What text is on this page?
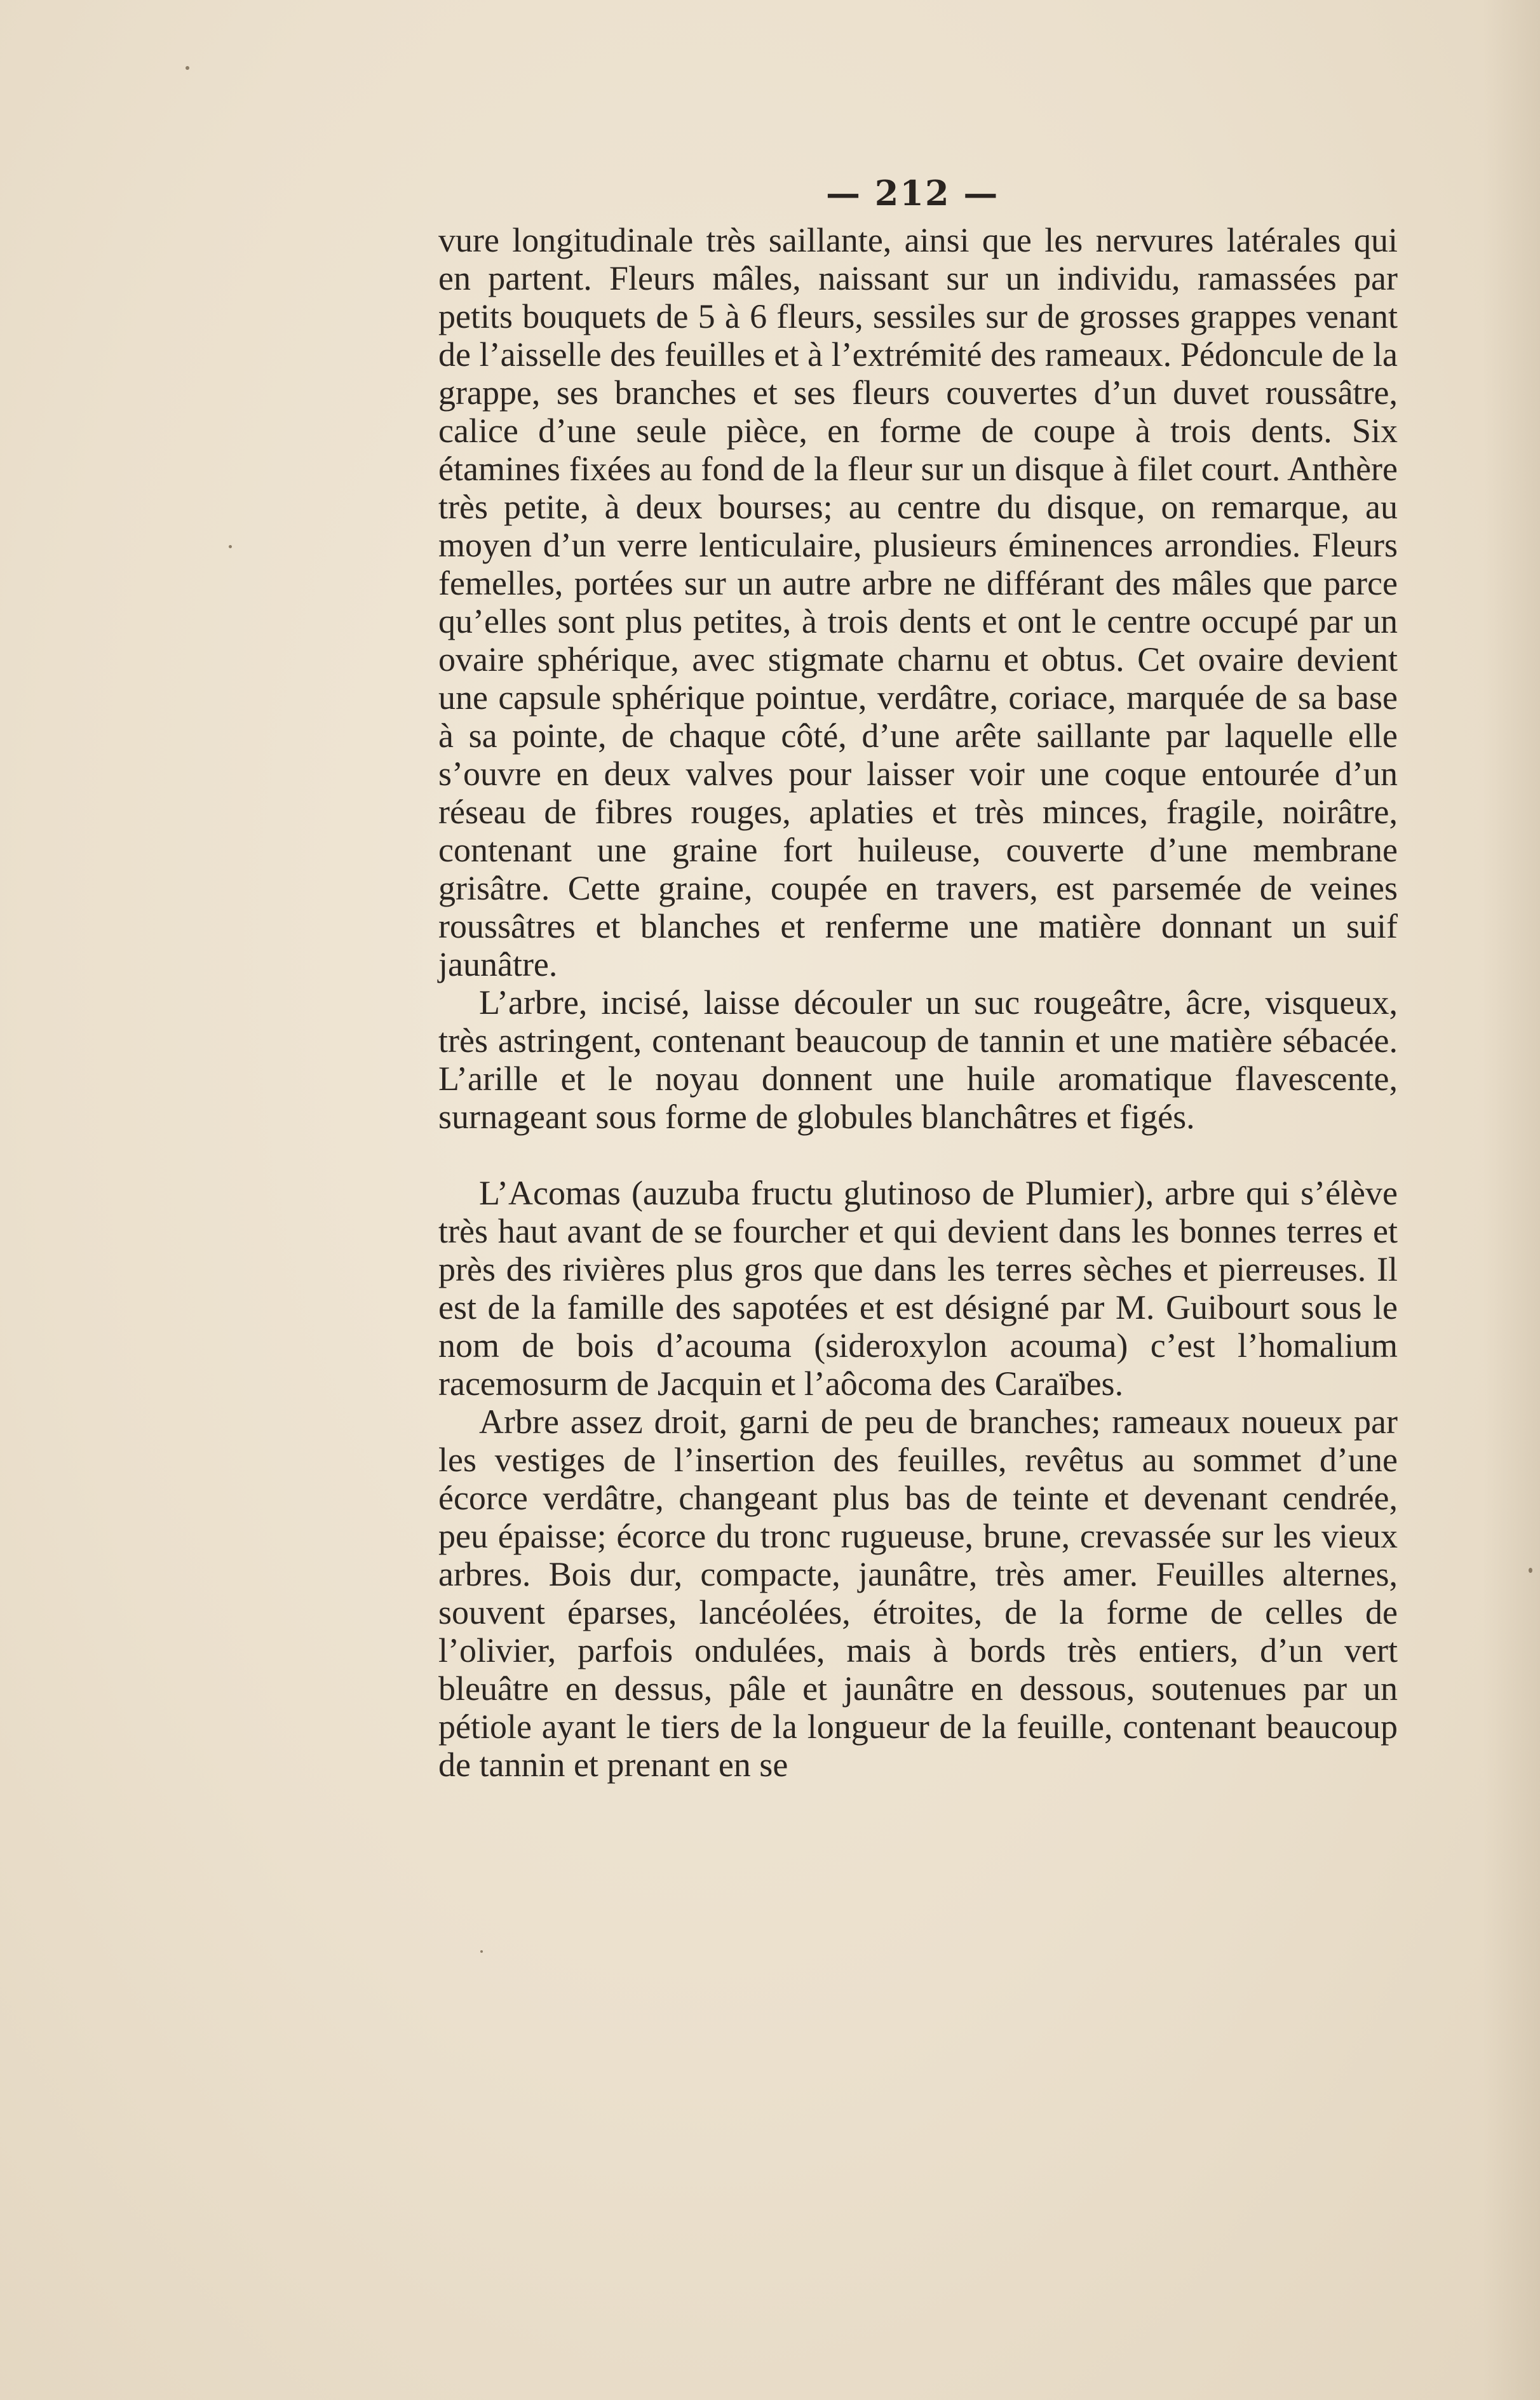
— 212 —

vure longitudinale très saillante, ainsi que les nervures latérales qui en partent. Fleurs mâles, naissant sur un individu, ramassées par petits bouquets de 5 à 6 fleurs, sessiles sur de grosses grappes venant de l’aisselle des feuilles et à l’extrémité des rameaux. Pédoncule de la grappe, ses branches et ses fleurs couvertes d’un duvet roussâtre, calice d’une seule pièce, en forme de coupe à trois dents. Six étamines fixées au fond de la fleur sur un disque à filet court. Anthère très petite, à deux bourses; au centre du disque, on remarque, au moyen d’un verre lenticulaire, plusieurs éminences arrondies. Fleurs femelles, portées sur un autre arbre ne différant des mâles que parce qu’elles sont plus petites, à trois dents et ont le centre occupé par un ovaire sphérique, avec stigmate charnu et obtus. Cet ovaire devient une capsule sphérique pointue, verdâtre, coriace, marquée de sa base à sa pointe, de chaque côté, d’une arête saillante par laquelle elle s’ouvre en deux valves pour laisser voir une coque entourée d’un réseau de fibres rouges, aplaties et très minces, fragile, noirâtre, contenant une graine fort huileuse, couverte d’une membrane grisâtre. Cette graine, coupée en travers, est parsemée de veines roussâtres et blanches et renferme une matière donnant un suif jaunâtre.

L’arbre, incisé, laisse découler un suc rougeâtre, âcre, visqueux, très astringent, contenant beaucoup de tannin et une matière sébacée. L’arille et le noyau donnent une huile aromatique flavescente, surnageant sous forme de globules blanchâtres et figés.

L’Acomas (auzuba fructu glutinoso de Plumier), arbre qui s’élève très haut avant de se fourcher et qui devient dans les bonnes terres et près des rivières plus gros que dans les terres sèches et pierreuses. Il est de la famille des sapotées et est désigné par M. Guibourt sous le nom de bois d’acouma (sideroxylon acouma) c’est l’homalium racemosurm de Jacquin et l’aôcoma des Caraïbes.

Arbre assez droit, garni de peu de branches; rameaux noueux par les vestiges de l’insertion des feuilles, revêtus au sommet d’une écorce verdâtre, changeant plus bas de teinte et devenant cendrée, peu épaisse; écorce du tronc rugueuse, brune, crevassée sur les vieux arbres. Bois dur, compacte, jaunâtre, très amer. Feuilles alternes, souvent éparses, lancéolées, étroites, de la forme de celles de l’olivier, parfois ondulées, mais à bords très entiers, d’un vert bleuâtre en dessus, pâle et jaunâtre en dessous, soutenues par un pétiole ayant le tiers de la longueur de la feuille, contenant beaucoup de tannin et prenant en se
